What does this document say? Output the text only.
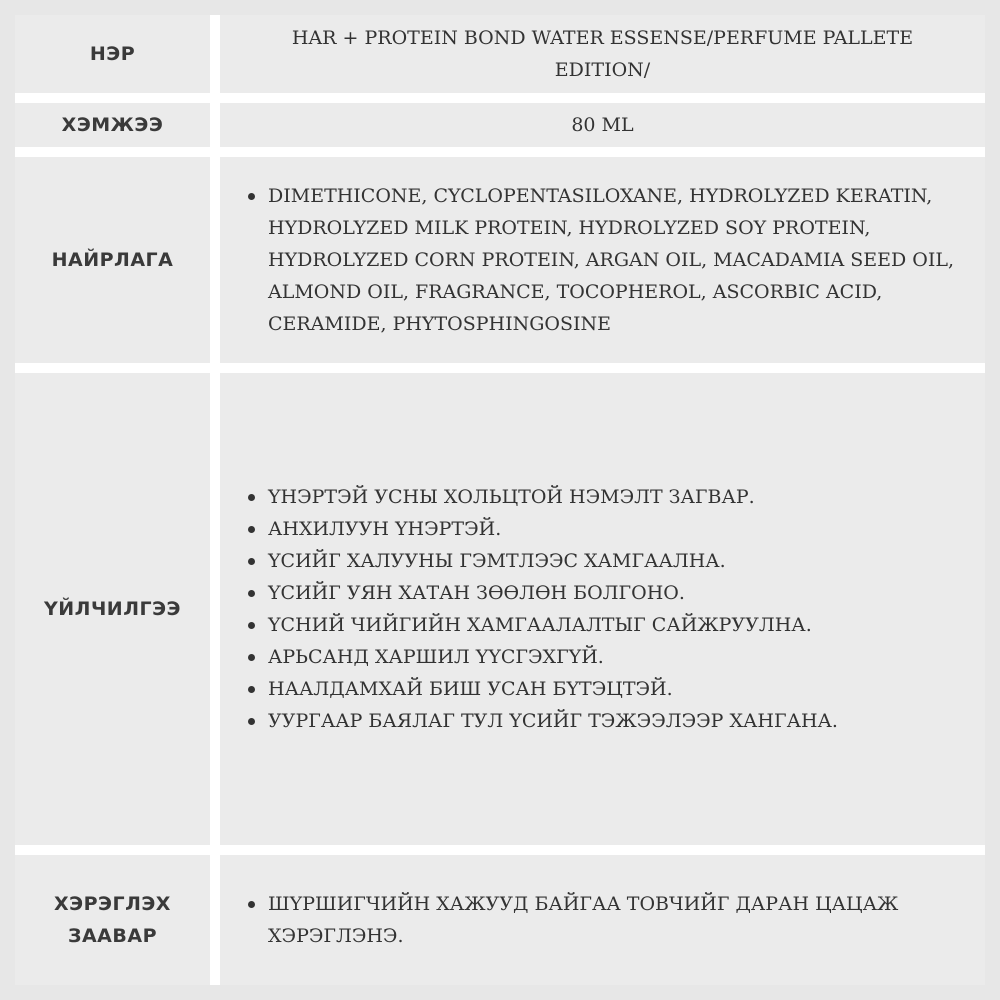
НЭР
HAR + PROTEIN BOND WATER ESSENSE/PERFUME PALLETE EDITION/
ХЭМЖЭЭ	80 ML
НАЙРЛАГА
DIMETHICONE, CYCLOPENTASILOXANE, HYDROLYZED KERATIN, HYDROLYZED MILK PROTEIN, HYDROLYZED SOY PROTEIN, HYDROLYZED CORN PROTEIN, ARGAN OIL, MACADAMIA SEED OIL, ALMOND OIL, FRAGRANCE, TOCOPHEROL, ASCORBIC ACID, CERAMIDE, PHYTOSPHINGOSINE
ҮЙЛЧИЛГЭЭ
ҮНЭРТЭЙ УСНЫ ХОЛЬЦТОЙ НЭМЭЛТ ЗАГВАР.
АНХИЛУУН ҮНЭРТЭЙ.
ҮСИЙГ ХАЛУУНЫ ГЭМТЛЭЭС ХАМГААЛНА.
ҮСИЙГ УЯН ХАТАН ЗӨӨЛӨН БОЛГОНО.
ҮСНИЙ ЧИЙГИЙН ХАМГААЛАЛТЫГ САЙЖРУУЛНА.
АРЬСАНД ХАРШИЛ ҮҮСГЭХГҮЙ.
НААЛДАМХАЙ БИШ УСАН БҮТЭЦТЭЙ.
УУРГААР БАЯЛАГ ТУЛ ҮСИЙГ ТЭЖЭЭЛЭЭР ХАНГАНА.
ХЭРЭГЛЭХ
ЗААВАР
ШҮРШИГЧИЙН ХАЖУУД БАЙГАА ТОВЧИЙГ ДАРАН ЦАЦАЖ ХЭРЭГЛЭНЭ.
